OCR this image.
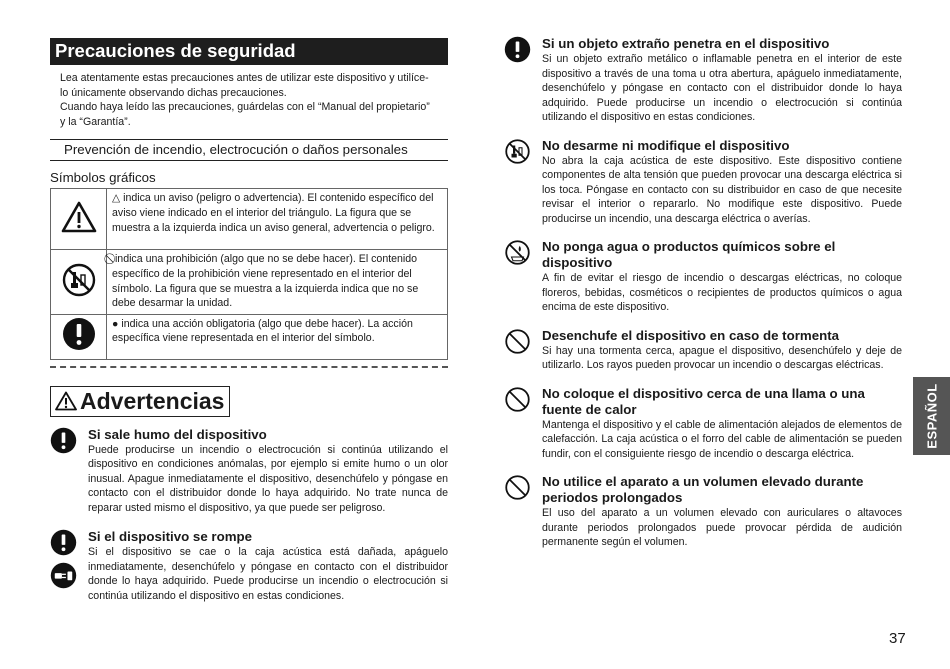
Precauciones de seguridad
Lea atentamente estas precauciones antes de utilizar este dispositivo y utilíce-
lo únicamente observando dichas precauciones.
Cuando haya leído las precauciones, guárdelas con el “Manual del propietario”
y la “Garantía”.
Prevención de incendio, electrocución o daños personales
Símbolos gráficos
	△ indica un aviso (peligro o advertencia). El contenido específico del aviso viene indicado en el interior del triángulo. La figura que se muestra a la izquierda indica un aviso general, advertencia o peligro.
	⃠ indica una prohibición (algo que no se debe hacer). El contenido específico de la prohibición viene representado en el interior del símbolo. La figura que se muestra a la izquierda indica que no se debe desarmar la unidad.
	● indica una acción obligatoria (algo que debe hacer). La acción específica viene representada en el interior del símbolo.
Advertencias
Si sale humo del dispositivo

Puede producirse un incendio o electrocución si continúa utilizando el dispositivo en condiciones anómalas, por ejemplo si emite humo o un olor inusual. Apague inmediatamente el dispositivo, desenchúfelo y póngase en contacto con el distribuidor donde lo haya adquirido. No trate nunca de reparar usted mismo el dispositivo, ya que puede ser peligroso.

Si el dispositivo se rompe

Si el dispositivo se cae o la caja acústica está dañada, apáguelo inmediatamente, desenchúfelo y póngase en contacto con el distribuidor donde lo haya adquirido. Puede producirse un incendio o electrocución si continúa utilizando el dispositivo en estas condiciones.

Si un objeto extraño penetra en el dispositivo

Si un objeto extraño metálico o inflamable penetra en el interior de este dispositivo a través de una toma u otra abertura, apáguelo inmediatamente, desenchúfelo y póngase en contacto con el distribuidor donde lo haya adquirido. Puede producirse un incendio o electrocución si continúa utilizando el dispositivo en estas condiciones.

No desarme ni modifique el dispositivo

No abra la caja acústica de este dispositivo. Este dispositivo contiene componentes de alta tensión que pueden provocar una descarga eléctrica si los toca. Póngase en contacto con su distribuidor en caso de que necesite revisar el interior o repararlo. No modifique este dispositivo. Puede producirse un incendio, una descarga eléctrica o averías.

No ponga agua o productos químicos sobre el dispositivo

A fin de evitar el riesgo de incendio o descargas eléctricas, no coloque floreros, bebidas, cosméticos o recipientes de productos químicos o agua encima de este dispositivo.

Desenchufe el dispositivo en caso de tormenta

Si hay una tormenta cerca, apague el dispositivo, desenchúfelo y deje de utilizarlo. Los rayos pueden provocar un incendio o descargas eléctricas.

No coloque el dispositivo cerca de una llama o una fuente de calor

Mantenga el dispositivo y el cable de alimentación alejados de elementos de calefacción. La caja acústica o el forro del cable de alimentación se pueden fundir, con el consiguiente riesgo de incendio o descarga eléctrica.

No utilice el aparato a un volumen elevado durante periodos prolongados

El uso del aparato a un volumen elevado con auriculares o altavoces durante periodos prolongados puede provocar pérdida de audición permanente según el volumen.

ESPAÑOL
37
